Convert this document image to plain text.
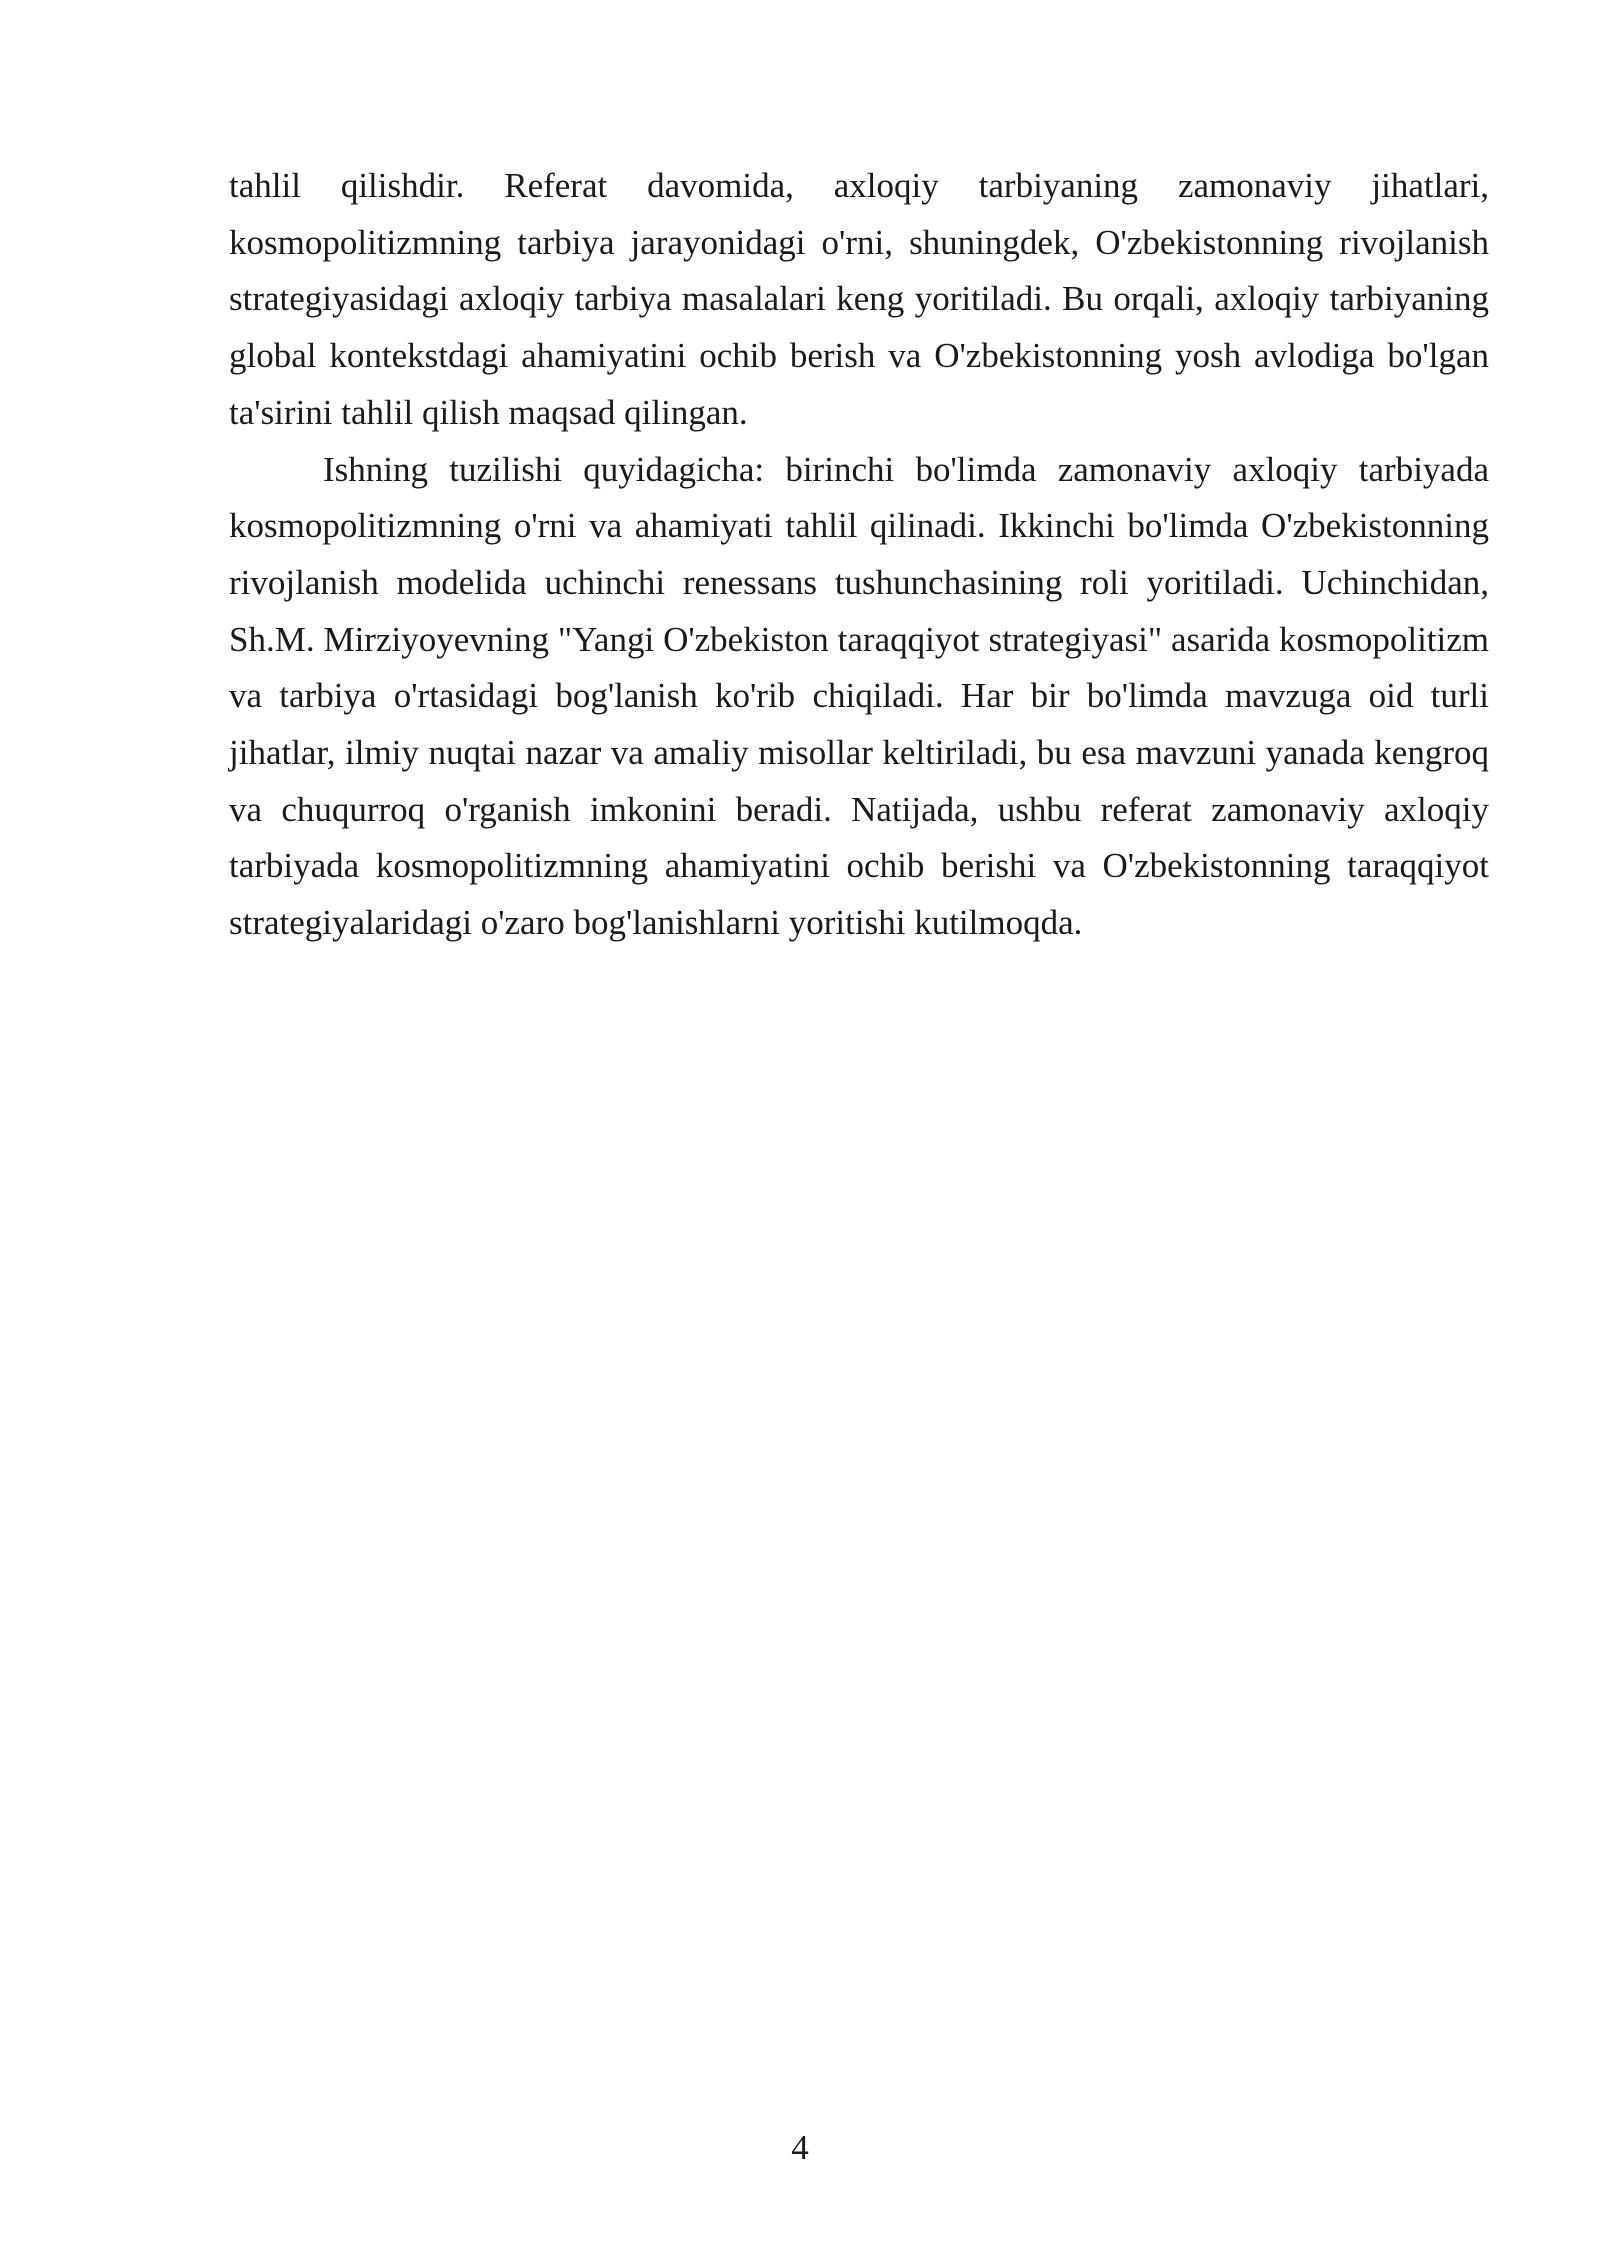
tahlil qilishdir. Referat davomida, axloqiy tarbiyaning zamonaviy jihatlari, kosmopolitizmning tarbiya jarayonidagi o'rni, shuningdek, O'zbekistonning rivojlanish strategiyasidagi axloqiy tarbiya masalalari keng yoritiladi. Bu orqali, axloqiy tarbiyaning global kontekstdagi ahamiyatini ochib berish va O'zbekistonning yosh avlodiga bo'lgan ta'sirini tahlil qilish maqsad qilingan.

Ishning tuzilishi quyidagicha: birinchi bo'limda zamonaviy axloqiy tarbiyada kosmopolitizmning o'rni va ahamiyati tahlil qilinadi. Ikkinchi bo'limda O'zbekistonning rivojlanish modelida uchinchi renessans tushunchasining roli yoritiladi. Uchinchidan, Sh.M. Mirziyoyevning "Yangi O'zbekiston taraqqiyot strategiyasi" asarida kosmopolitizm va tarbiya o'rtasidagi bog'lanish ko'rib chiqiladi. Har bir bo'limda mavzuga oid turli jihatlar, ilmiy nuqtai nazar va amaliy misollar keltiriladi, bu esa mavzuni yanada kengroq va chuqurroq o'rganish imkonini beradi. Natijada, ushbu referat zamonaviy axloqiy tarbiyada kosmopolitizmning ahamiyatini ochib berishi va O'zbekistonning taraqqiyot strategiyalaridagi o'zaro bog'lanishlarni yoritishi kutilmoqda.

4
